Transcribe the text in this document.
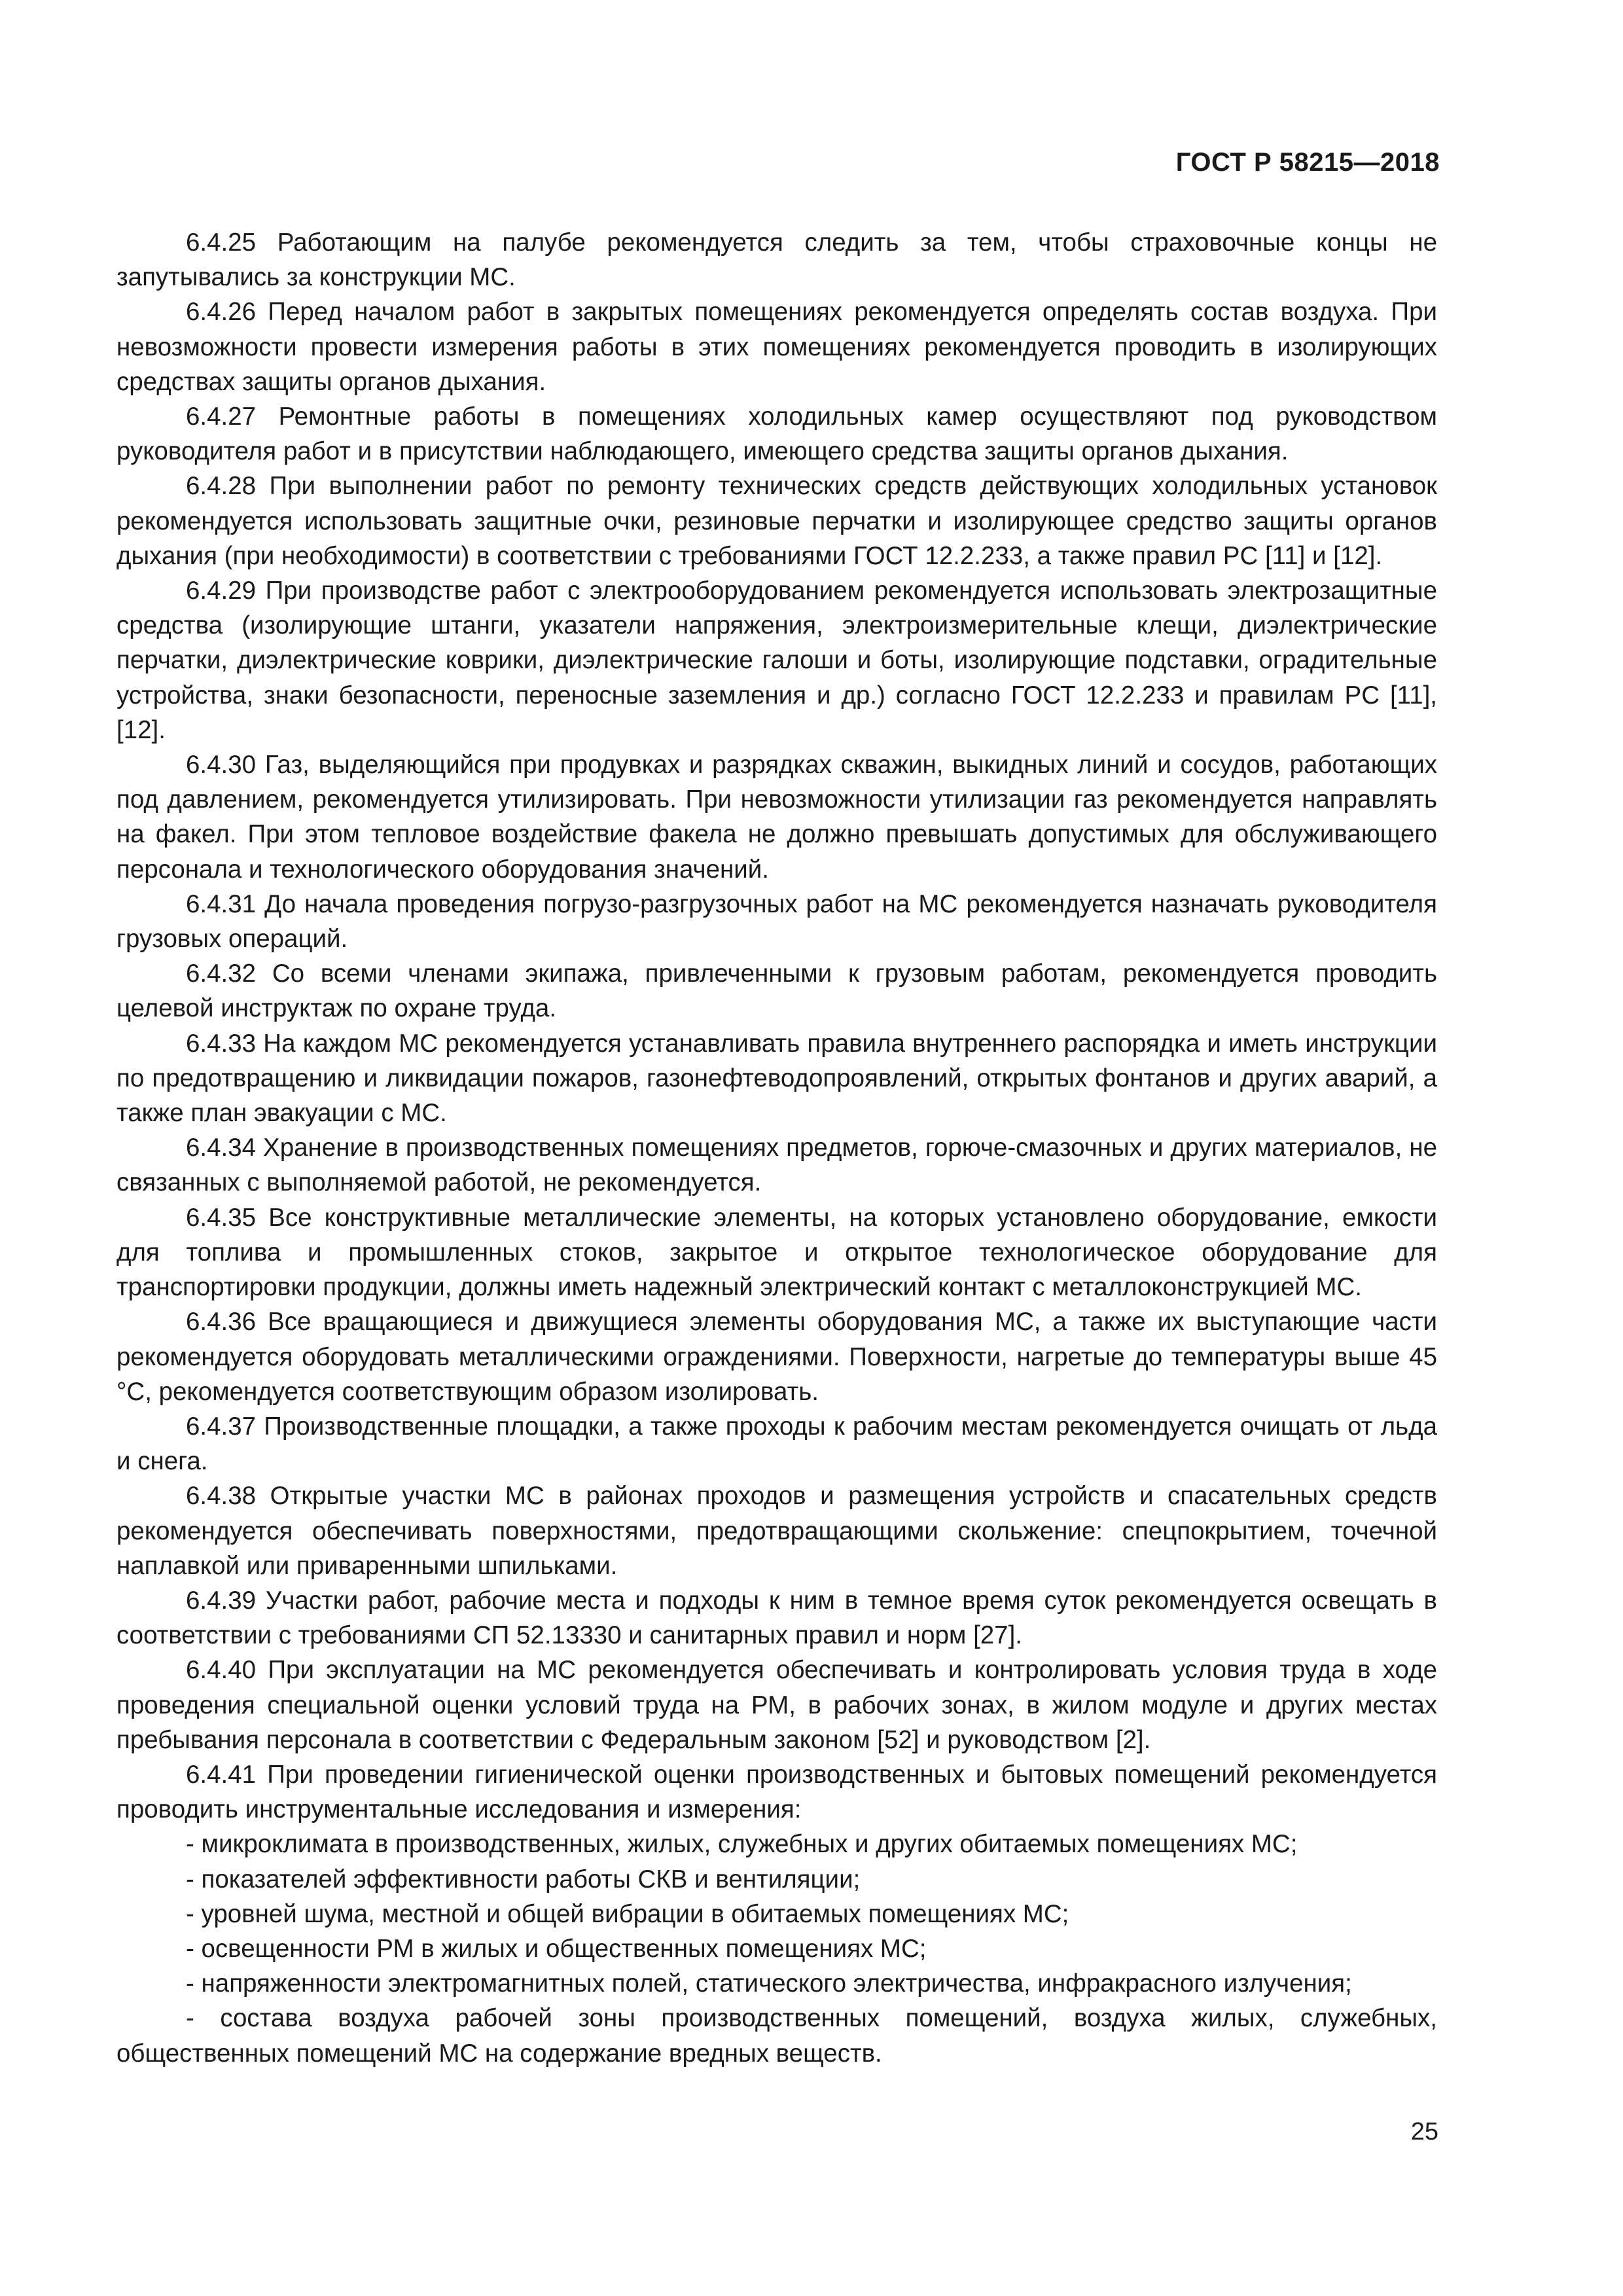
ГОСТ Р 58215—2018

6.4.25 Работающим на палубе рекомендуется следить за тем, чтобы страховочные концы не запутывались за конструкции МС.

6.4.26 Перед началом работ в закрытых помещениях рекомендуется определять состав воздуха. При невозможности провести измерения работы в этих помещениях рекомендуется проводить в изолирующих средствах защиты органов дыхания.

6.4.27 Ремонтные работы в помещениях холодильных камер осуществляют под руководством руководителя работ и в присутствии наблюдающего, имеющего средства защиты органов дыхания.

6.4.28 При выполнении работ по ремонту технических средств действующих холодильных установок рекомендуется использовать защитные очки, резиновые перчатки и изолирующее средство защиты органов дыхания (при необходимости) в соответствии с требованиями ГОСТ 12.2.233, а также правил PC [11] и [12].

6.4.29 При производстве работ с электрооборудованием рекомендуется использовать электрозащитные средства (изолирующие штанги, указатели напряжения, электроизмерительные клещи, диэлектрические перчатки, диэлектрические коврики, диэлектрические галоши и боты, изолирующие подставки, оградительные устройства, знаки безопасности, переносные заземления и др.) согласно ГОСТ 12.2.233 и правилам PC [11], [12].

6.4.30 Газ, выделяющийся при продувках и разрядках скважин, выкидных линий и сосудов, работающих под давлением, рекомендуется утилизировать. При невозможности утилизации газ рекомендуется направлять на факел. При этом тепловое воздействие факела не должно превышать допустимых для обслуживающего персонала и технологического оборудования значений.

6.4.31 До начала проведения погрузо-разгрузочных работ на МС рекомендуется назначать руководителя грузовых операций.

6.4.32 Со всеми членами экипажа, привлеченными к грузовым работам, рекомендуется проводить целевой инструктаж по охране труда.

6.4.33 На каждом МС рекомендуется устанавливать правила внутреннего распорядка и иметь инструкции по предотвращению и ликвидации пожаров, газонефтеводопроявлений, открытых фонтанов и других аварий, а также план эвакуации с МС.

6.4.34 Хранение в производственных помещениях предметов, горюче-смазочных и других материалов, не связанных с выполняемой работой, не рекомендуется.

6.4.35 Все конструктивные металлические элементы, на которых установлено оборудование, емкости для топлива и промышленных стоков, закрытое и открытое технологическое оборудование для транспортировки продукции, должны иметь надежный электрический контакт с металлоконструкцией МС.

6.4.36 Все вращающиеся и движущиеся элементы оборудования МС, а также их выступающие части рекомендуется оборудовать металлическими ограждениями. Поверхности, нагретые до температуры выше 45 °С, рекомендуется соответствующим образом изолировать.

6.4.37 Производственные площадки, а также проходы к рабочим местам рекомендуется очищать от льда и снега.

6.4.38 Открытые участки МС в районах проходов и размещения устройств и спасательных средств рекомендуется обеспечивать поверхностями, предотвращающими скольжение: спецпокрытием, точечной наплавкой или приваренными шпильками.

6.4.39 Участки работ, рабочие места и подходы к ним в темное время суток рекомендуется освещать в соответствии с требованиями СП 52.13330 и санитарных правил и норм [27].

6.4.40 При эксплуатации на МС рекомендуется обеспечивать и контролировать условия труда в ходе проведения специальной оценки условий труда на РМ, в рабочих зонах, в жилом модуле и других местах пребывания персонала в соответствии с Федеральным законом [52] и руководством [2].

6.4.41 При проведении гигиенической оценки производственных и бытовых помещений рекомендуется проводить инструментальные исследования и измерения:

- микроклимата в производственных, жилых, служебных и других обитаемых помещениях МС;

- показателей эффективности работы СКВ и вентиляции;

- уровней шума, местной и общей вибрации в обитаемых помещениях МС;

- освещенности РМ в жилых и общественных помещениях МС;

- напряженности электромагнитных полей, статического электричества, инфракрасного излучения;

- состава воздуха рабочей зоны производственных помещений, воздуха жилых, служебных, общественных помещений МС на содержание вредных веществ.

25
